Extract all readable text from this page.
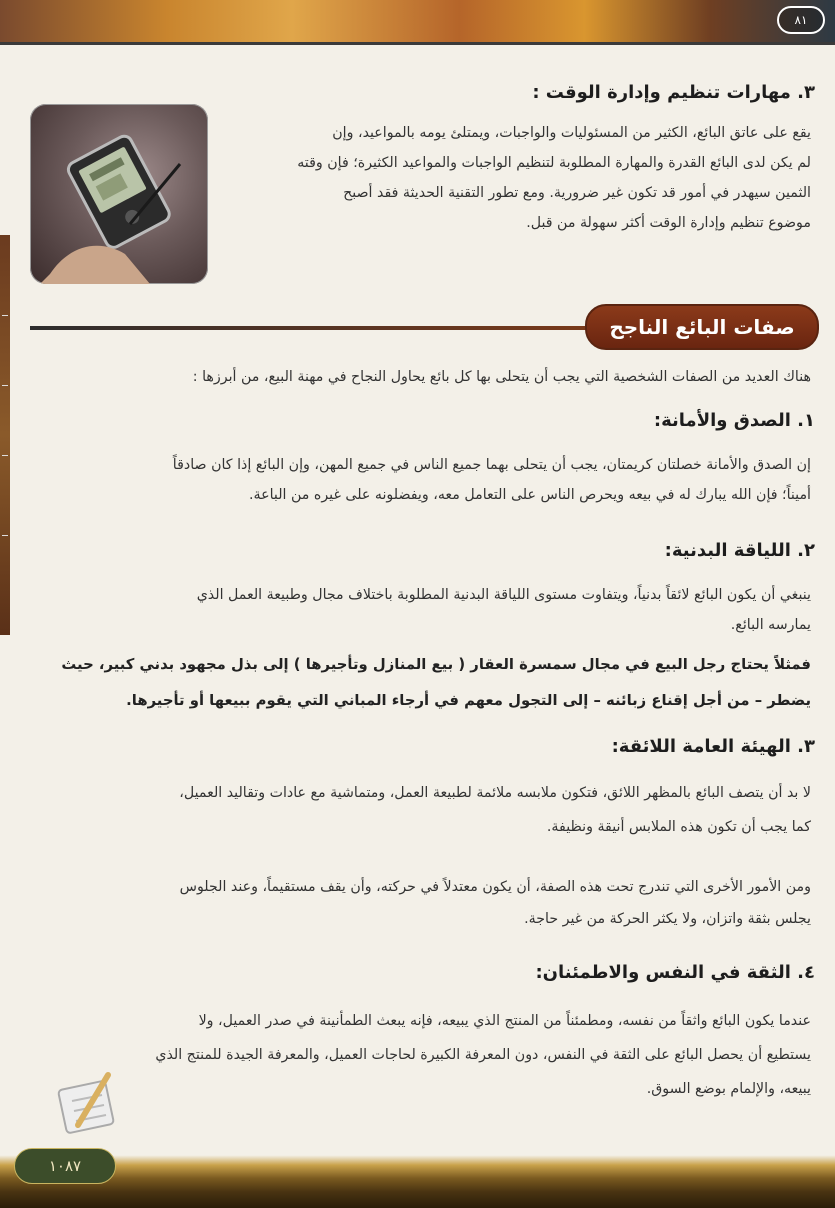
٨١
٣. مهارات تنظيم وإدارة الوقت :

يقع على عاتق البائع، الكثير من المسئوليات والواجبات، ويمتلئ يومه بالمواعيد، وإن

لم يكن لدى البائع القدرة والمهارة المطلوبة لتنظيم الواجبات والمواعيد الكثيرة؛ فإن وقته

الثمين سيهدر في أمور قد تكون غير ضرورية. ومع تطور التقنية الحديثة فقد أصبح

موضوع تنظيم وإدارة الوقت أكثر سهولة من قبل.

صفات البائع الناجح

هناك العديد من الصفات الشخصية التي يجب أن يتحلى بها كل بائع يحاول النجاح في مهنة البيع، من أبرزها :

١. الصدق والأمانة:

إن الصدق والأمانة خصلتان كريمتان، يجب أن يتحلى بهما جميع الناس في جميع المهن، وإن البائع إذا كان صادقاً

أميناً؛ فإن الله يبارك له في بيعه ويحرص الناس على التعامل معه، ويفضلونه على غيره من الباعة.

٢. اللياقة البدنية:

ينبغي أن يكون البائع لائقاً بدنياً، ويتفاوت مستوى اللياقة البدنية المطلوبة باختلاف مجال وطبيعة العمل الذي

يمارسه البائع.

فمثلاً يحتاج رجل البيع في مجال سمسرة العقار ( بيع المنازل وتأجيرها ) إلى بذل مجهود بدني كبير، حيث

يضطر – من أجل إقناع زبائنه – إلى التجول معهم في أرجاء المباني التي يقوم ببيعها أو تأجيرها.

٣. الهيئة العامة اللائقة:

لا بد أن يتصف البائع بالمظهر اللائق، فتكون ملابسه ملائمة لطبيعة العمل، ومتماشية مع عادات وتقاليد العميل،

كما يجب أن تكون هذه الملابس أنيقة ونظيفة.

ومن الأمور الأخرى التي تندرج تحت هذه الصفة، أن يكون معتدلاً في حركته، وأن يقف مستقيماً، وعند الجلوس

يجلس بثقة واتزان، ولا يكثر الحركة من غير حاجة.

٤. الثقة في النفس والاطمئنان:

عندما يكون البائع واثقاً من نفسه، ومطمئناً من المنتج الذي يبيعه، فإنه يبعث الطمأنينة في صدر العميل، ولا

يستطيع أن يحصل البائع على الثقة في النفس، دون المعرفة الكبيرة لحاجات العميل، والمعرفة الجيدة للمنتج الذي

يبيعه، والإلمام بوضع السوق.

١٠٨٧
